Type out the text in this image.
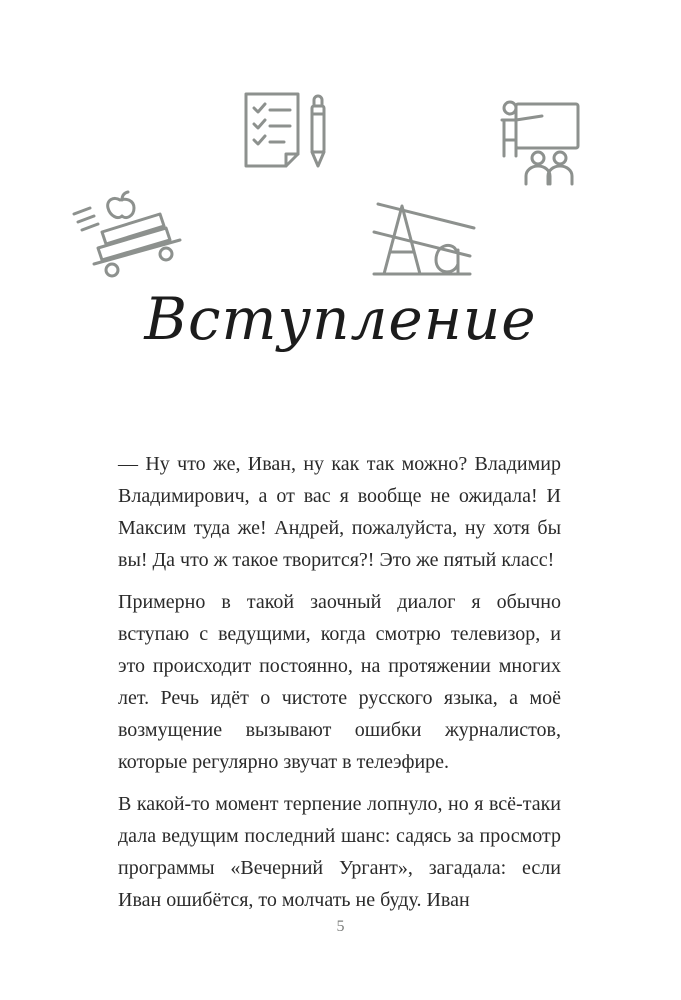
Вступление

— Ну что же, Иван, ну как так можно? Владимир Владимирович, а от вас я вообще не ожидала! И Максим туда же! Андрей, пожалуйста, ну хотя бы вы! Да что ж такое творится?! Это же пятый класс!

Примерно в такой заочный диалог я обычно вступаю с ведущими, когда смотрю телевизор, и это происходит постоянно, на протяжении многих лет. Речь идёт о чистоте русского языка, а моё возмущение вызывают ошибки журналистов, которые регулярно звучат в телеэфире.

В какой-то момент терпение лопнуло, но я всё-таки дала ведущим последний шанс: садясь за просмотр программы «Вечерний Ургант», загадала: если Иван ошибётся, то молчать не буду. Иван

5
